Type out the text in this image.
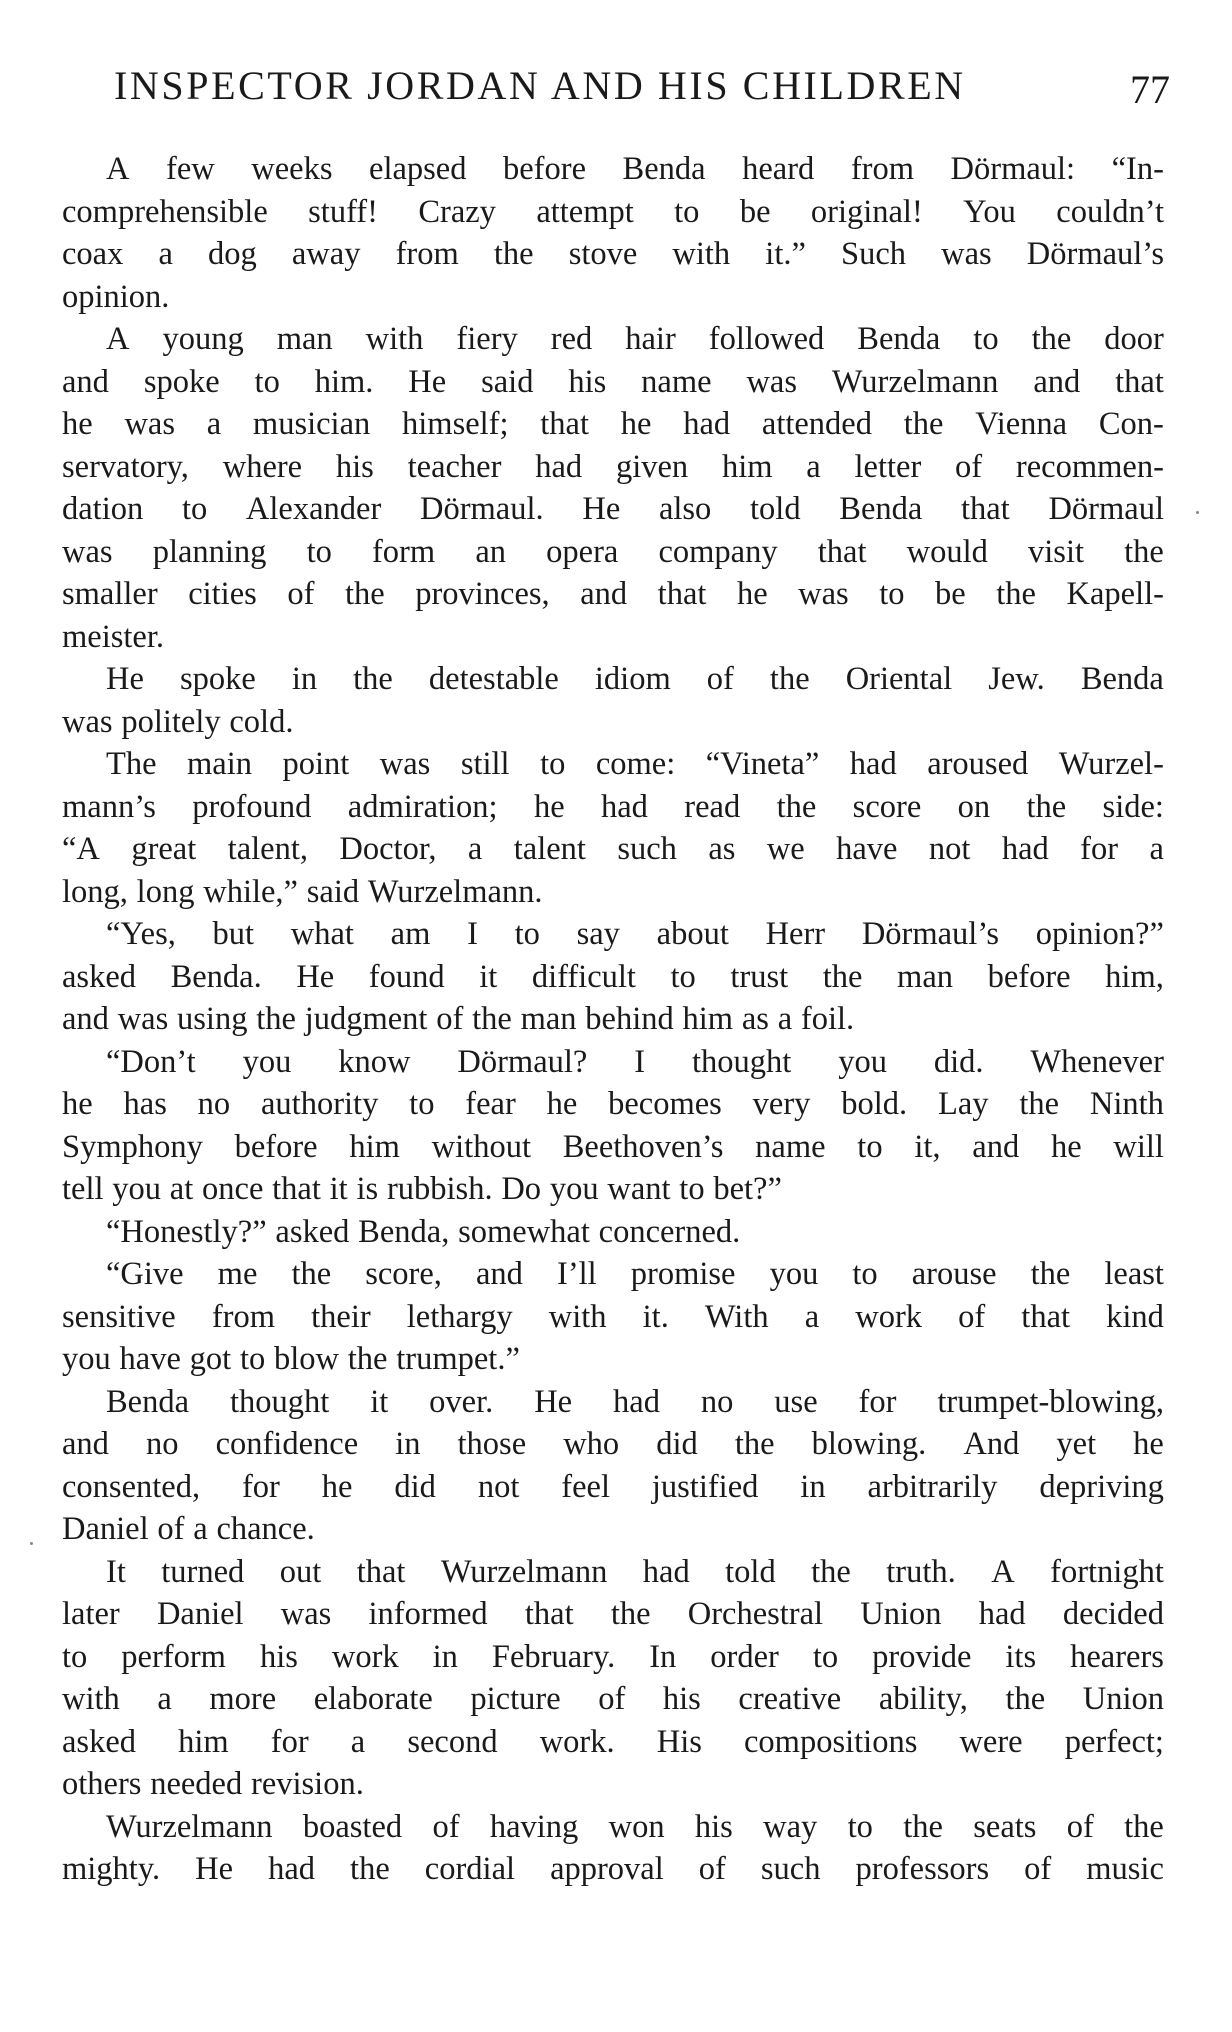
INSPECTOR JORDAN AND HIS CHILDREN	77
A few weeks elapsed before Benda heard from Dörmaul: “In-
comprehensible stuff! Crazy attempt to be original! You couldn’t
coax a dog away from the stove with it.” Such was Dörmaul’s
opinion.
A young man with fiery red hair followed Benda to the door
and spoke to him. He said his name was Wurzelmann and that
he was a musician himself; that he had attended the Vienna Con-
servatory, where his teacher had given him a letter of recommen-
dation to Alexander Dörmaul. He also told Benda that Dörmaul
was planning to form an opera company that would visit the
smaller cities of the provinces, and that he was to be the Kapell-
meister.
He spoke in the detestable idiom of the Oriental Jew. Benda
was politely cold.
The main point was still to come: “Vineta” had aroused Wurzel-
mann’s profound admiration; he had read the score on the side:
“A great talent, Doctor, a talent such as we have not had for a
long, long while,” said Wurzelmann.
“Yes, but what am I to say about Herr Dörmaul’s opinion?”
asked Benda. He found it difficult to trust the man before him,
and was using the judgment of the man behind him as a foil.
“Don’t you know Dörmaul? I thought you did. Whenever
he has no authority to fear he becomes very bold. Lay the Ninth
Symphony before him without Beethoven’s name to it, and he will
tell you at once that it is rubbish. Do you want to bet?”
“Honestly?” asked Benda, somewhat concerned.
“Give me the score, and I’ll promise you to arouse the least
sensitive from their lethargy with it. With a work of that kind
you have got to blow the trumpet.”
Benda thought it over. He had no use for trumpet-blowing,
and no confidence in those who did the blowing. And yet he
consented, for he did not feel justified in arbitrarily depriving
Daniel of a chance.
It turned out that Wurzelmann had told the truth. A fortnight
later Daniel was informed that the Orchestral Union had decided
to perform his work in February. In order to provide its hearers
with a more elaborate picture of his creative ability, the Union
asked him for a second work. His compositions were perfect;
others needed revision.
Wurzelmann boasted of having won his way to the seats of the
mighty. He had the cordial approval of such professors of music
